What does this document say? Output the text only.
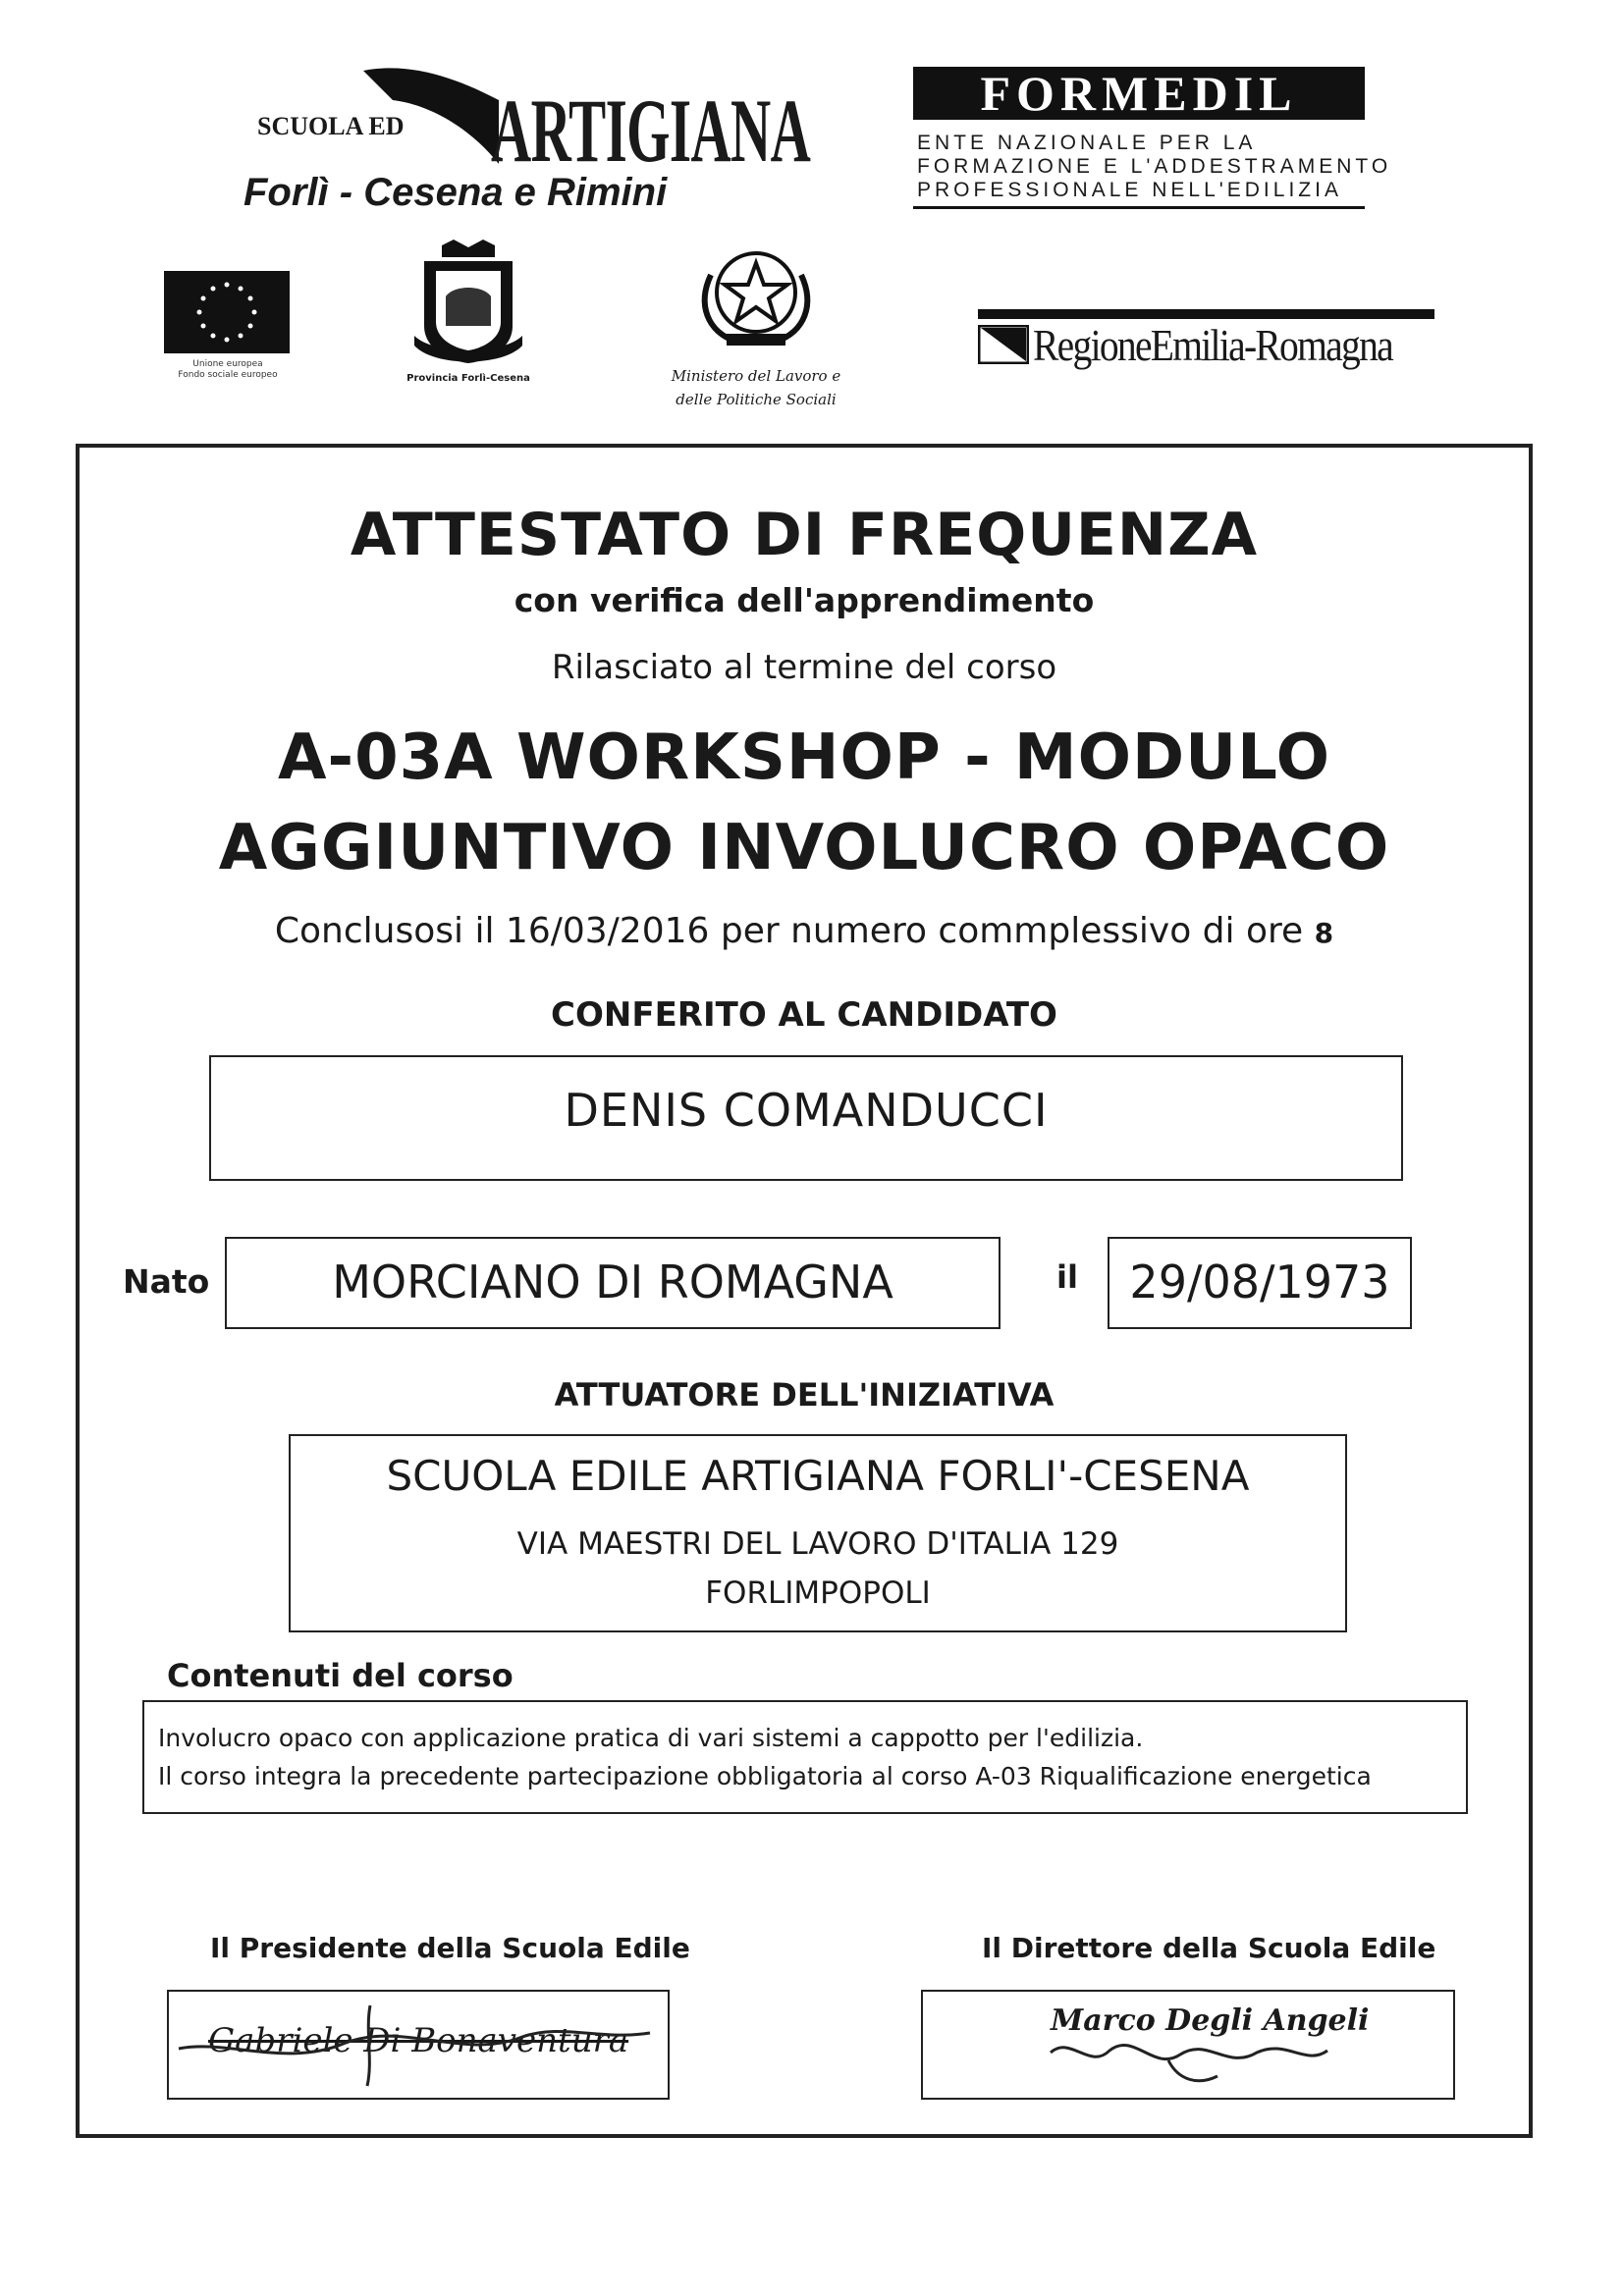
SCUOLA ED ARTIGIANA
Forlì - Cesena e Rimini
FORMEDIL
ENTE NAZIONALE PER LA
FORMAZIONE E L'ADDESTRAMENTO
PROFESSIONALE NELL'EDILIZIA
Unione europea
Fondo sociale europeo	Provincia Forlì-Cesena	Ministero del Lavoro e
delle Politiche Sociali
RegioneEmilia-Romagna
ATTESTATO DI FREQUENZA
con verifica dell'apprendimento
Rilasciato al termine del corso
A-03A WORKSHOP - MODULO
AGGIUNTIVO INVOLUCRO OPACO
Conclusosi il 16/03/2016 per numero commplessivo di ore 8
CONFERITO AL CANDIDATO
DENIS COMANDUCCI
Nato	MORCIANO DI ROMAGNA	il	29/08/1973
ATTUATORE DELL'INIZIATIVA
SCUOLA EDILE ARTIGIANA FORLI'-CESENA
VIA MAESTRI DEL LAVORO D'ITALIA 129
FORLIMPOPOLI
Contenuti del corso
Involucro opaco con applicazione pratica di vari sistemi a cappotto per l'edilizia.
Il corso integra la precedente partecipazione obbligatoria al corso A-03 Riqualificazione energetica
Il Presidente della Scuola Edile
Gabriele Di Bonaventura
Il Direttore della Scuola Edile
Marco Degli Angeli
